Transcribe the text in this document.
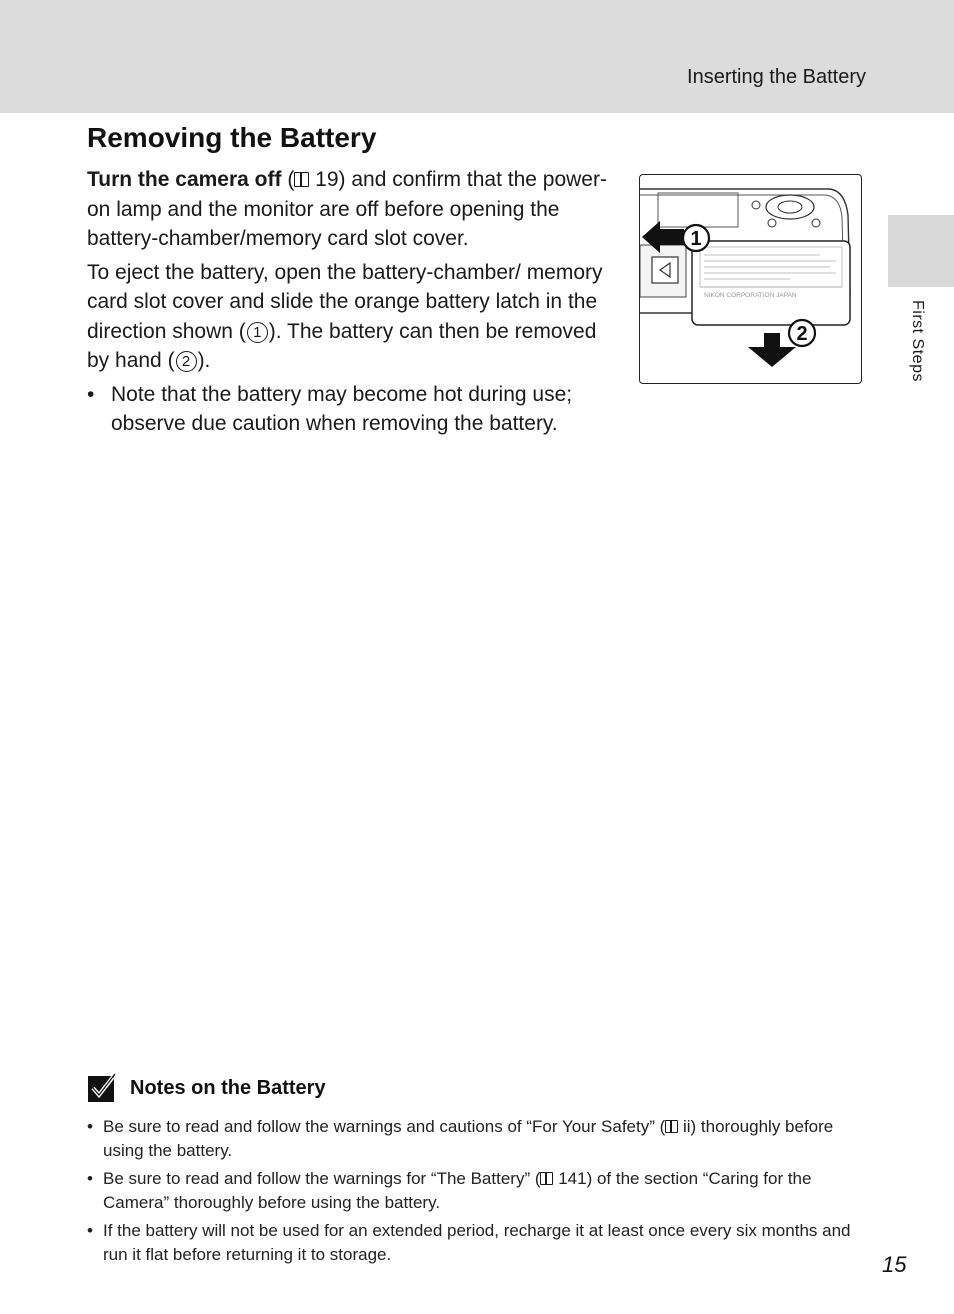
Inserting the Battery
First Steps
Removing the Battery

Turn the camera off ( 19) and confirm that the power-on lamp and the monitor are off before opening the battery-chamber/memory card slot cover.

To eject the battery, open the battery-chamber/ memory card slot cover and slide the orange battery latch in the direction shown ( 1 ). The battery can then be removed by hand ( 2 ).

• Note that the battery may become hot during use; observe due caution when removing the battery.
NIKON CORPORATION JAPAN
1
2
Notes on the Battery
• Be sure to read and follow the warnings and cautions of “For Your Safety” ( ii) thoroughly before using the battery.
• Be sure to read and follow the warnings for “The Battery” ( 141) of the section “Caring for the Camera” thoroughly before using the battery.
• If the battery will not be used for an extended period, recharge it at least once every six months and run it flat before returning it to storage.	15
